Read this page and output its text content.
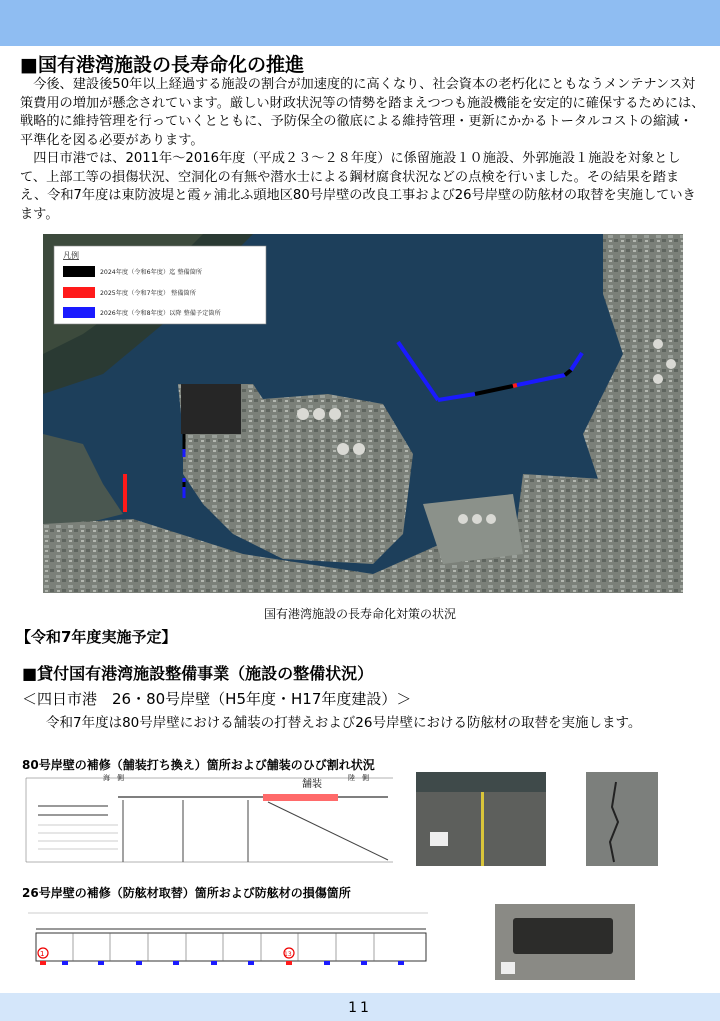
■国有港湾施設の長寿命化の推進

今後、建設後50年以上経過する施設の割合が加速度的に高くなり、社会資本の老朽化にともなうメンテナンス対策費用の増加が懸念されています。厳しい財政状況等の情勢を踏まえつつも施設機能を安定的に確保するためには、戦略的に維持管理を行っていくとともに、予防保全の徹底による維持管理・更新にかかるトータルコストの縮減・平準化を図る必要があります。

四日市港では、2011年～2016年度（平成２３～２８年度）に係留施設１０施設、外郭施設１施設を対象として、上部工等の損傷状況、空洞化の有無や潜水士による鋼材腐食状況などの点検を行いました。その結果を踏まえ、令和7年度は東防波堤と霞ヶ浦北ふ頭地区80号岸壁の改良工事および26号岸壁の防舷材の取替を実施していきます。

凡例
2024年度（令和6年度）迄 整備箇所
2025年度（令和7年度） 整備箇所
2026年度（令和8年度）以降 整備予定箇所
国有港湾施設の長寿命化対策の状況
【令和7年度実施予定】
■貸付国有港湾施設整備事業（施設の整備状況）
＜四日市港　26・80号岸壁（H5年度・H17年度建設）＞

令和7年度は80号岸壁における舗装の打替えおよび26号岸壁における防舷材の取替を実施します。

80号岸壁の補修（舗装打ち換え）箇所および舗装のひび割れ状況
海　側	陸　側
舗装
26号岸壁の補修（防舷材取替）箇所および防舷材の損傷箇所
1	13
11
